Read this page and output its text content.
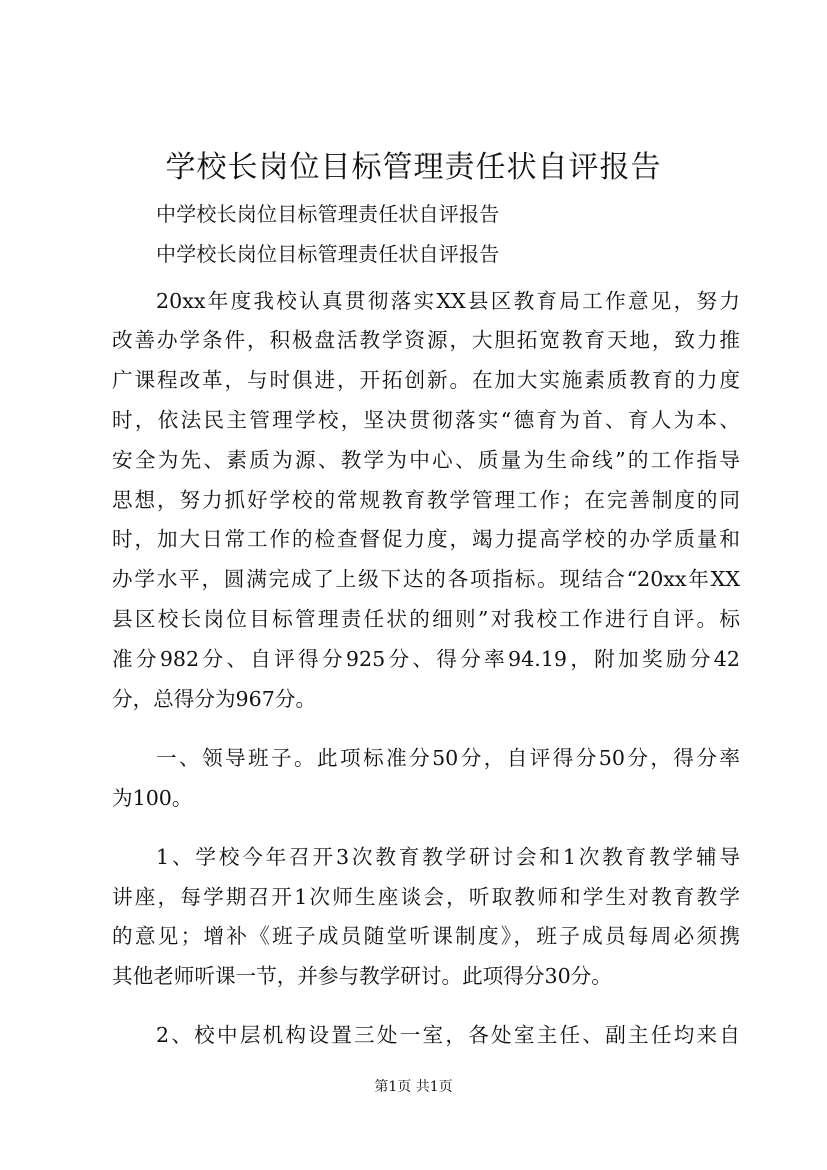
学校长岗位目标管理责任状自评报告
中学校长岗位目标管理责任状自评报告
中学校长岗位目标管理责任状自评报告
20xx年度我校认真贯彻落实XX县区教育局工作意见，努力
改善办学条件，积极盘活教学资源，大胆拓宽教育天地，致力推
广课程改革，与时俱进，开拓创新。在加大实施素质教育的力度
时，依法民主管理学校，坚决贯彻落实“德育为首、育人为本、
安全为先、素质为源、教学为中心、质量为生命线”的工作指导
思想，努力抓好学校的常规教育教学管理工作；在完善制度的同
时，加大日常工作的检查督促力度，竭力提高学校的办学质量和
办学水平，圆满完成了上级下达的各项指标。现结合“20xx年XX
县区校长岗位目标管理责任状的细则”对我校工作进行自评。标
准分982分、自评得分925分、得分率94.19，附加奖励分42
分，总得分为967分。
一、领导班子。此项标准分50分，自评得分50分，得分率
为100。
1、学校今年召开3次教育教学研讨会和1次教育教学辅导
讲座，每学期召开1次师生座谈会，听取教师和学生对教育教学
的意见；增补《班子成员随堂听课制度》，班子成员每周必须携
其他老师听课一节，并参与教学研讨。此项得分30分。
2、校中层机构设置三处一室，各处室主任、副主任均来自
第1页 共1页
